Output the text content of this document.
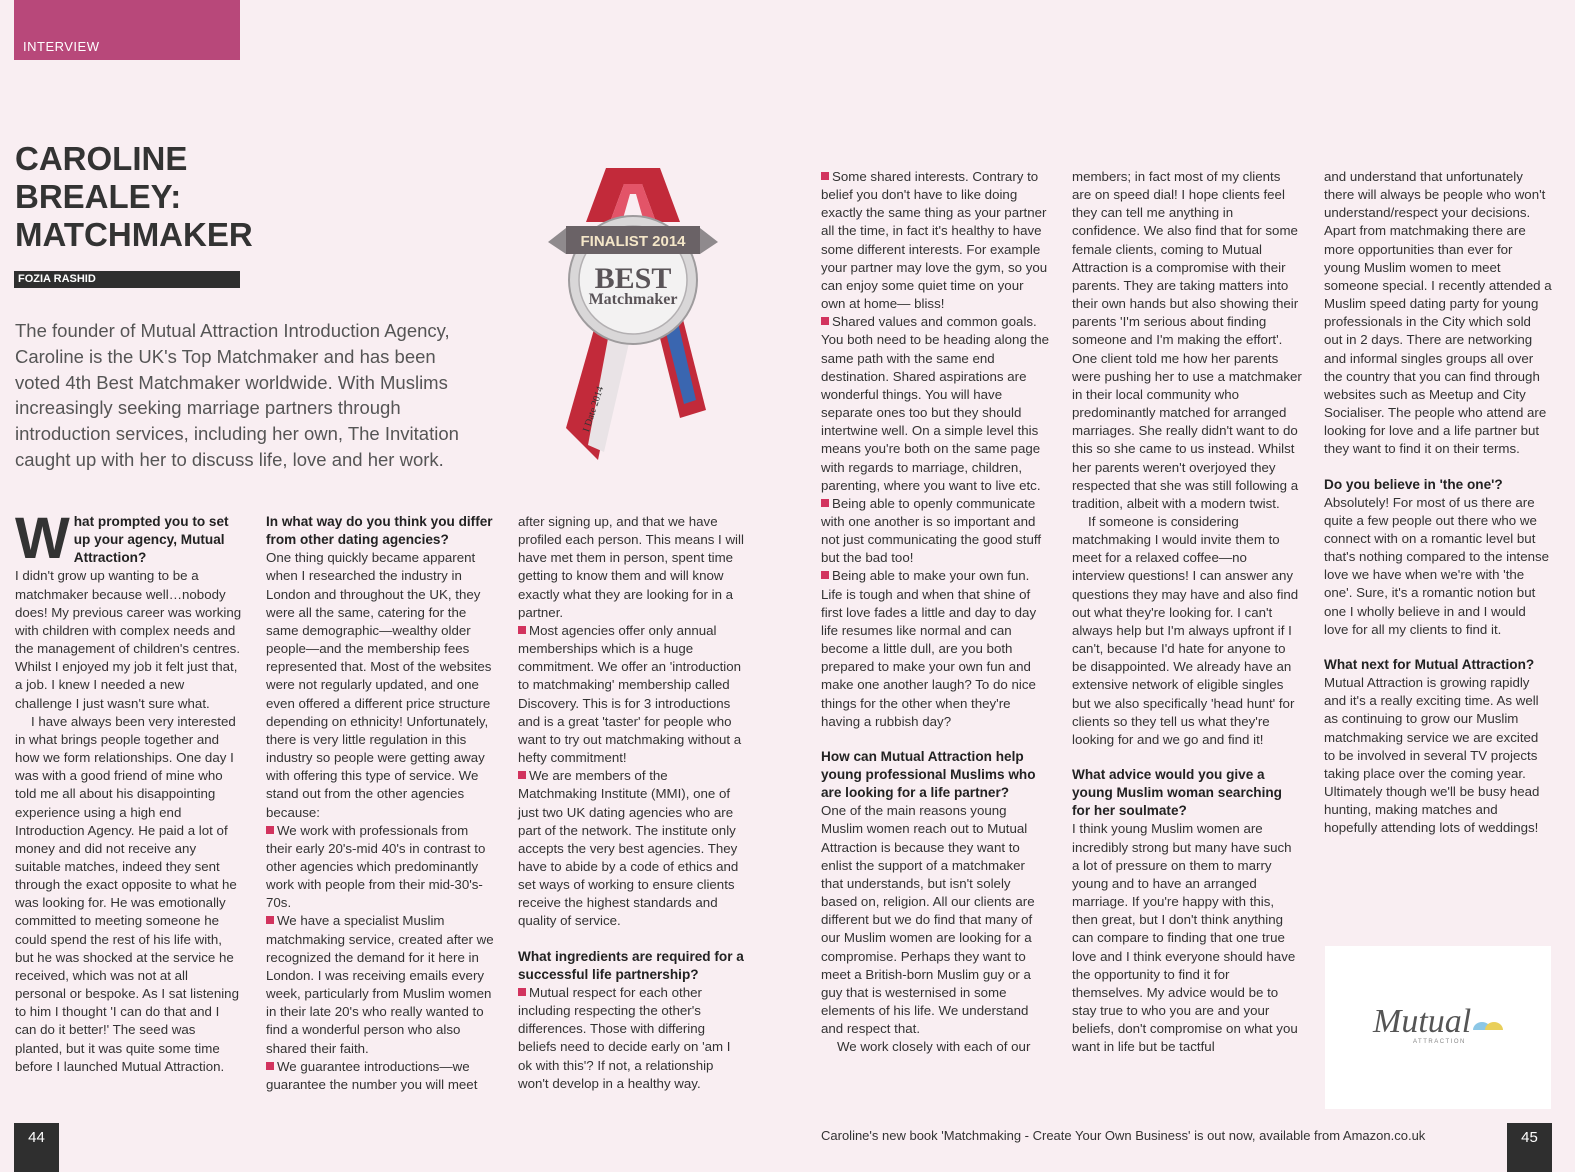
INTERVIEW
CAROLINE
BREALEY:
MATCHMAKER
FOZIA RASHID

The founder of Mutual Attraction Introduction Agency, Caroline is the UK's Top Matchmaker and has been voted 4th Best Matchmaker worldwide. With Muslims increasingly seeking marriage partners through introduction services, including her own, The Invitation caught up with her to discuss life, love and her work.

FINALIST 2014
BEST
Matchmaker
I Date 2014
W hat prompted you to set up your agency, Mutual Attraction?

I didn't grow up wanting to be a matchmaker because well…nobody does! My previous career was working with children with complex needs and the management of children's centres. Whilst I enjoyed my job it felt just that, a job. I knew I needed a new challenge I just wasn't sure what.

I have always been very interested in what brings people together and how we form relationships. One day I was with a good friend of mine who told me all about his disappointing experience using a high end Introduction Agency. He paid a lot of money and did not receive any suitable matches, indeed they sent through the exact opposite to what he was looking for. He was emotionally committed to meeting someone he could spend the rest of his life with, but he was shocked at the service he received, which was not at all personal or bespoke. As I sat listening to him I thought 'I can do that and I can do it better!' The seed was planted, but it was quite some time before I launched Mutual Attraction.

In what way do you think you differ from other dating agencies?

One thing quickly became apparent when I researched the industry in London and throughout the UK, they were all the same, catering for the same demographic—wealthy older people—and the membership fees represented that. Most of the websites were not regularly updated, and one even offered a different price structure depending on ethnicity! Unfortunately, there is very little regulation in this industry so people were getting away with offering this type of service. We stand out from the other agencies because:

We work with professionals from their early 20's-mid 40's in contrast to other agencies which predominantly work with people from their mid-30's-70s.

We have a specialist Muslim matchmaking service, created after we recognized the demand for it here in London. I was receiving emails every week, particularly from Muslim women in their late 20's who really wanted to find a wonderful person who also shared their faith.

We guarantee introductions—we guarantee the number you will meet

after signing up, and that we have profiled each person. This means I will have met them in person, spent time getting to know them and will know exactly what they are looking for in a partner.

Most agencies offer only annual memberships which is a huge commitment. We offer an 'introduction to matchmaking' membership called Discovery. This is for 3 introductions and is a great 'taster' for people who want to try out matchmaking without a hefty commitment!

We are members of the Matchmaking Institute (MMI), one of just two UK dating agencies who are part of the network. The institute only accepts the very best agencies. They have to abide by a code of ethics and set ways of working to ensure clients receive the highest standards and quality of service.

What ingredients are required for a successful life partnership?

Mutual respect for each other including respecting the other's differences. Those with differing beliefs need to decide early on 'am I ok with this'? If not, a relationship won't develop in a healthy way.

Some shared interests. Contrary to belief you don't have to like doing exactly the same thing as your partner all the time, in fact it's healthy to have some different interests. For example your partner may love the gym, so you can enjoy some quiet time on your own at home— bliss!

Shared values and common goals. You both need to be heading along the same path with the same end destination. Shared aspirations are wonderful things. You will have separate ones too but they should intertwine well. On a simple level this means you're both on the same page with regards to marriage, children, parenting, where you want to live etc.

Being able to openly communicate with one another is so important and not just communicating the good stuff but the bad too!

Being able to make your own fun. Life is tough and when that shine of first love fades a little and day to day life resumes like normal and can become a little dull, are you both prepared to make your own fun and make one another laugh? To do nice things for the other when they're having a rubbish day?

How can Mutual Attraction help young professional Muslims who are looking for a life partner?

One of the main reasons young Muslim women reach out to Mutual Attraction is because they want to enlist the support of a matchmaker that understands, but isn't solely based on, religion. All our clients are different but we do find that many of our Muslim women are looking for a compromise. Perhaps they want to meet a British-born Muslim guy or a guy that is westernised in some elements of his life. We understand and respect that.

We work closely with each of our

members; in fact most of my clients are on speed dial! I hope clients feel they can tell me anything in confidence. We also find that for some female clients, coming to Mutual Attraction is a compromise with their parents. They are taking matters into their own hands but also showing their parents 'I'm serious about finding someone and I'm making the effort'. One client told me how her parents were pushing her to use a matchmaker in their local community who predominantly matched for arranged marriages. She really didn't want to do this so she came to us instead. Whilst her parents weren't overjoyed they respected that she was still following a tradition, albeit with a modern twist.

If someone is considering matchmaking I would invite them to meet for a relaxed coffee—no interview questions! I can answer any questions they may have and also find out what they're looking for. I can't always help but I'm always upfront if I can't, because I'd hate for anyone to be disappointed. We already have an extensive network of eligible singles but we also specifically 'head hunt' for clients so they tell us what they're looking for and we go and find it!

What advice would you give a young Muslim woman searching for her soulmate?

I think young Muslim women are incredibly strong but many have such a lot of pressure on them to marry young and to have an arranged marriage. If you're happy with this, then great, but I don't think anything can compare to finding that one true love and I think everyone should have the opportunity to find it for themselves. My advice would be to stay true to who you are and your beliefs, don't compromise on what you want in life but be tactful

and understand that unfortunately there will always be people who won't understand/respect your decisions. Apart from matchmaking there are more opportunities than ever for young Muslim women to meet someone special. I recently attended a Muslim speed dating party for young professionals in the City which sold out in 2 days. There are networking and informal singles groups all over the country that you can find through websites such as Meetup and City Socialiser. The people who attend are looking for love and a life partner but they want to find it on their terms.

Do you believe in 'the one'?

Absolutely! For most of us there are quite a few people out there who we connect with on a romantic level but that's nothing compared to the intense love we have when we're with 'the one'. Sure, it's a romantic notion but one I wholly believe in and I would love for all my clients to find it.

What next for Mutual Attraction?

Mutual Attraction is growing rapidly and it's a really exciting time. As well as continuing to grow our Muslim matchmaking service we are excited to be involved in several TV projects taking place over the coming year. Ultimately though we'll be busy head hunting, making matches and hopefully attending lots of weddings!

Mutual
ATTRACTION
Caroline's new book 'Matchmaking - Create Your Own Business' is out now, available from Amazon.co.uk
44	45
